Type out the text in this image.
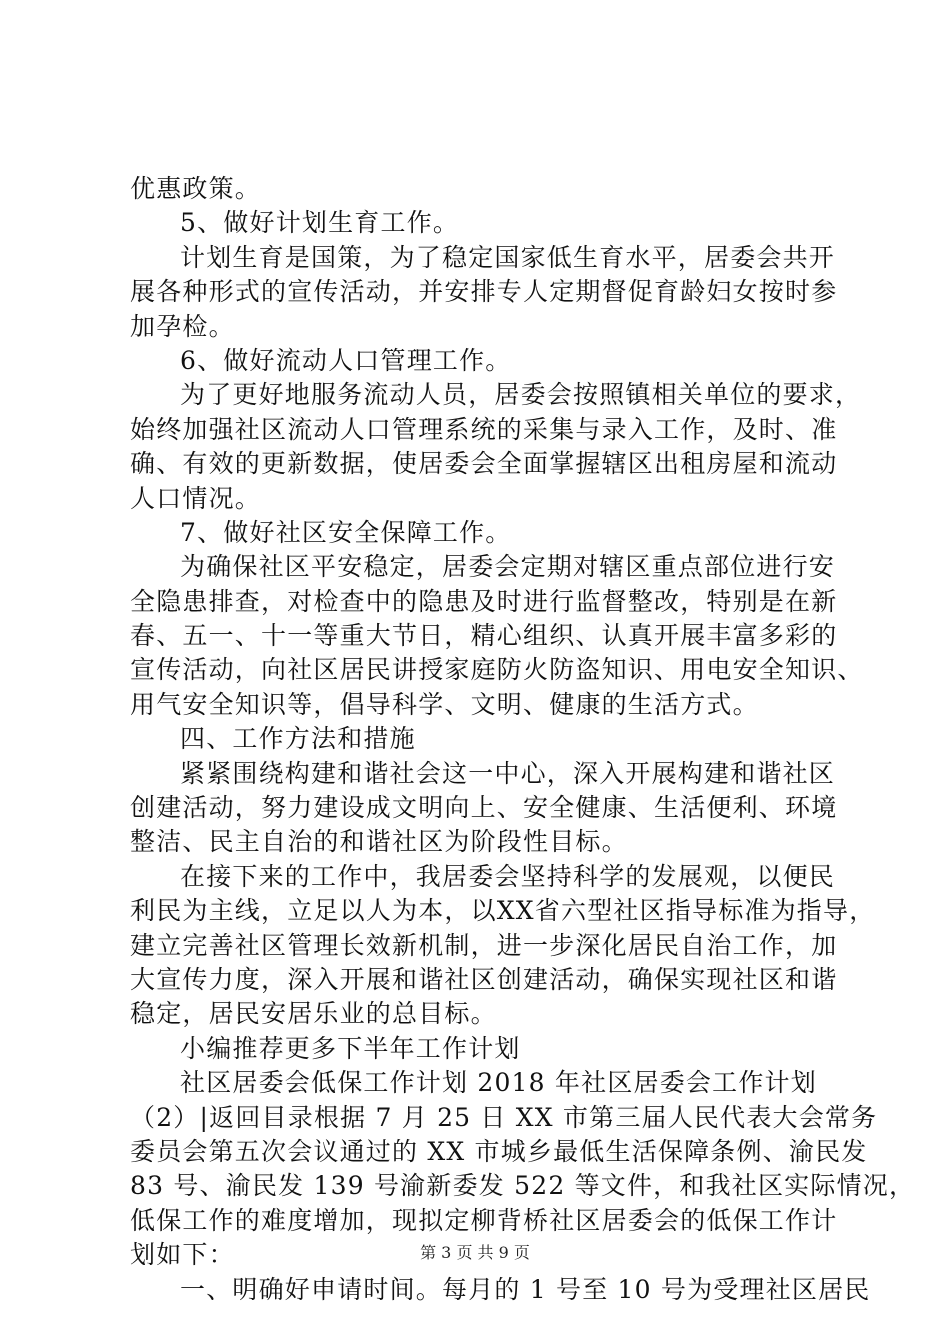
优惠政策。
5、做好计划生育工作。
计划生育是国策，为了稳定国家低生育水平，居委会共开
展各种形式的宣传活动，并安排专人定期督促育龄妇女按时参
加孕检。
6、做好流动人口管理工作。
为了更好地服务流动人员，居委会按照镇相关单位的要求，
始终加强社区流动人口管理系统的采集与录入工作，及时、准
确、有效的更新数据，使居委会全面掌握辖区出租房屋和流动
人口情况。
7、做好社区安全保障工作。
为确保社区平安稳定，居委会定期对辖区重点部位进行安
全隐患排查，对检查中的隐患及时进行监督整改，特别是在新
春、五一、十一等重大节日，精心组织、认真开展丰富多彩的
宣传活动，向社区居民讲授家庭防火防盗知识、用电安全知识、
用气安全知识等，倡导科学、文明、健康的生活方式。
四、工作方法和措施
紧紧围绕构建和谐社会这一中心，深入开展构建和谐社区
创建活动，努力建设成文明向上、安全健康、生活便利、环境
整洁、民主自治的和谐社区为阶段性目标。
在接下来的工作中，我居委会坚持科学的发展观，以便民
利民为主线，立足以人为本，以XX省六型社区指导标准为指导，
建立完善社区管理长效新机制，进一步深化居民自治工作，加
大宣传力度，深入开展和谐社区创建活动，确保实现社区和谐
稳定，居民安居乐业的总目标。
小编推荐更多下半年工作计划
社区居委会低保工作计划 2018 年社区居委会工作计划
（2）|返回目录根据 7 月 25 日 XX 市第三届人民代表大会常务
委员会第五次会议通过的 XX 市城乡最低生活保障条例、渝民发
83 号、渝民发 139 号渝新委发 522 等文件，和我社区实际情况，
低保工作的难度增加，现拟定柳背桥社区居委会的低保工作计
划如下：
一、明确好申请时间。每月的 1 号至 10 号为受理社区居民
第 3 页 共 9 页
